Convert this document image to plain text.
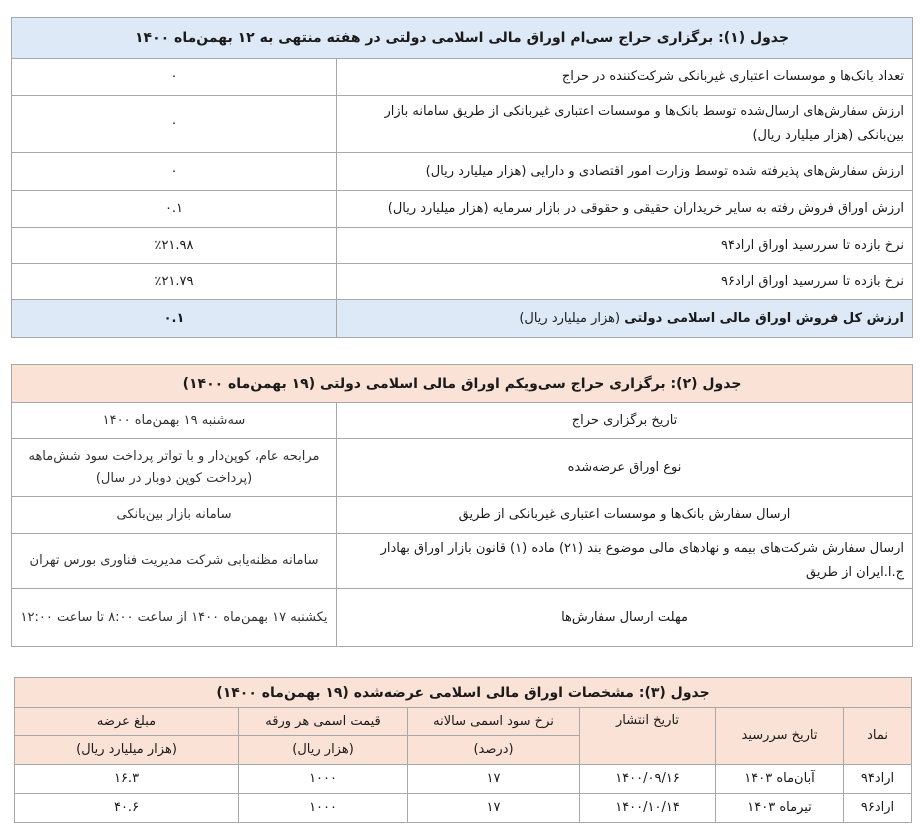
جدول (۱): برگزاری حراج سی‌ام اوراق مالی اسلامی دولتی در هفته منتهی به ۱۲ بهمن‌ماه ۱۴۰۰	
تعداد بانک‌ها و موسسات اعتباری غیربانکی شرکت‌کننده در حراج	۰
ارزش سفارش‌های ارسال‌شده توسط بانک‌ها و موسسات اعتباری غیربانکی از طریق سامانه بازار بین‌بانکی (هزار میلیارد ریال)	۰
ارزش سفارش‌های پذیرفته شده توسط وزارت امور اقتصادی و دارایی (هزار میلیارد ریال)	۰
ارزش اوراق فروش رفته به سایر خریداران حقیقی و حقوقی در بازار سرمایه (هزار میلیارد ریال)	۰.۱
نرخ بازده تا سررسید اوراق اراد۹۴	٪۲۱.۹۸
نرخ بازده تا سررسید اوراق اراد۹۶	٪۲۱.۷۹
ارزش کل فروش اوراق مالی اسلامی دولتی (هزار میلیارد ریال)	۰.۱
جدول (۲): برگزاری حراج سی‌ویکم اوراق مالی اسلامی دولتی (۱۹ بهمن‌ماه ۱۴۰۰)	
تاریخ برگزاری حراج	سه‌شنبه ۱۹ بهمن‌ماه ۱۴۰۰
نوع اوراق عرضه‌شده	مرابحه عام، کوپن‌دار و با تواتر پرداخت سود شش‌ماهه (پرداخت کوپن دوبار در سال)
ارسال سفارش بانک‌ها و موسسات اعتباری غیربانکی از طریق	سامانه بازار بین‌بانکی
ارسال سفارش شرکت‌های بیمه و نهادهای مالی موضوع بند (۲۱) ماده (۱) قانون بازار اوراق بهادار ج.ا.ایران از طریق	سامانه مظنه‌یابی شرکت مدیریت فناوری بورس تهران
مهلت ارسال سفارش‌ها	یکشنبه ۱۷ بهمن‌ماه ۱۴۰۰ از ساعت ۸:۰۰ تا ساعت ۱۲:۰۰
جدول (۳): مشخصات اوراق مالی اسلامی عرضه‌شده (۱۹ بهمن‌ماه ۱۴۰۰)					
نماد	تاریخ سررسید	تاریخ انتشار	نرخ سود اسمی سالانه	قیمت اسمی هر ورقه	مبلغ عرضه
			(درصد)	(هزار ریال)	(هزار میلیارد ریال)
اراد۹۴	آبان‌ماه ۱۴۰۳	۱۴۰۰/۰۹/۱۶	۱۷	۱۰۰۰	۱۶.۳
اراد۹۶	تیرماه ۱۴۰۳	۱۴۰۰/۱۰/۱۴	۱۷	۱۰۰۰	۴۰.۶
